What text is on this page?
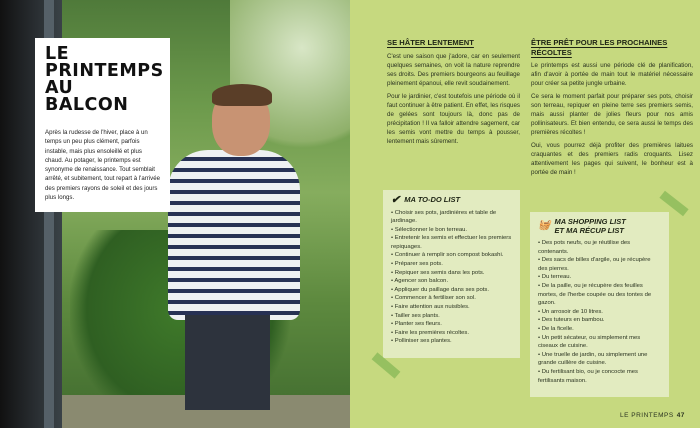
LE PRINTEMPS AU BALCON

Après la rudesse de l'hiver, place à un temps un peu plus clément, parfois instable, mais plus ensoleillé et plus chaud. Au potager, le printemps est synonyme de renaissance. Tout semblait arrêté, et subitement, tout repart à l'arrivée des premiers rayons de soleil et des jours plus longs.

SE HÂTER LENTEMENT

C'est une saison que j'adore, car en seulement quelques semaines, on voit la nature reprendre ses droits. Des premiers bourgeons au feuillage pleinement épanoui, elle revit soudainement.

Pour le jardinier, c'est toutefois une période où il faut continuer à être patient. En effet, les risques de gelées sont toujours là, donc pas de précipitation ! Il va falloir attendre sagement, car les semis vont mettre du temps à pousser, lentement mais sûrement.

ÊTRE PRÊT POUR LES PROCHAINES RÉCOLTES

Le printemps est aussi une période clé de planification, afin d'avoir à portée de main tout le matériel nécessaire pour créer sa petite jungle urbaine.

Ce sera le moment parfait pour préparer ses pots, choisir son terreau, repiquer en pleine terre ses premiers semis, mais aussi planter de jolies fleurs pour nos amis pollinisateurs. Et bien entendu, ce sera aussi le temps des premières récoltes !

Oui, vous pourrez déjà profiter des premières laitues craquantes et des premiers radis croquants. Lisez attentivement les pages qui suivent, le bonheur est à portée de main !

✔ MA TO-DO LIST
• Choisir ses pots, jardinières et table de jardinage.
• Sélectionner le bon terreau.
• Entretenir les semis et effectuer les premiers repiquages.
• Continuer à remplir son compost bokashi.
• Préparer ses pots.
• Repiquer ses semis dans les pots.
• Agencer son balcon.
• Appliquer du paillage dans ses pots.
• Commencer à fertiliser son sol.
• Faire attention aux nuisibles.
• Tailler ses plants.
• Planter ses fleurs.
• Faire les premières récoltes.
• Polliniser ses plantes.
🧺 MA SHOPPING LIST
ET MA RÉCUP LIST
• Des pots neufs, ou je réutilise des contenants.
• Des sacs de billes d'argile, ou je récupère des pierres.
• Du terreau.
• De la paille, ou je récupère des feuilles mortes, de l'herbe coupée ou des tontes de gazon.
• Un arrosoir de 10 litres.
• Des tuteurs en bambou.
• De la ficelle.
• Un petit sécateur, ou simplement mes ciseaux de cuisine.
• Une truelle de jardin, ou simplement une grande cuillère de cuisine.
• Du fertilisant bio, ou je concocte mes fertilisants maison.
LE PRINTEMPS 47
